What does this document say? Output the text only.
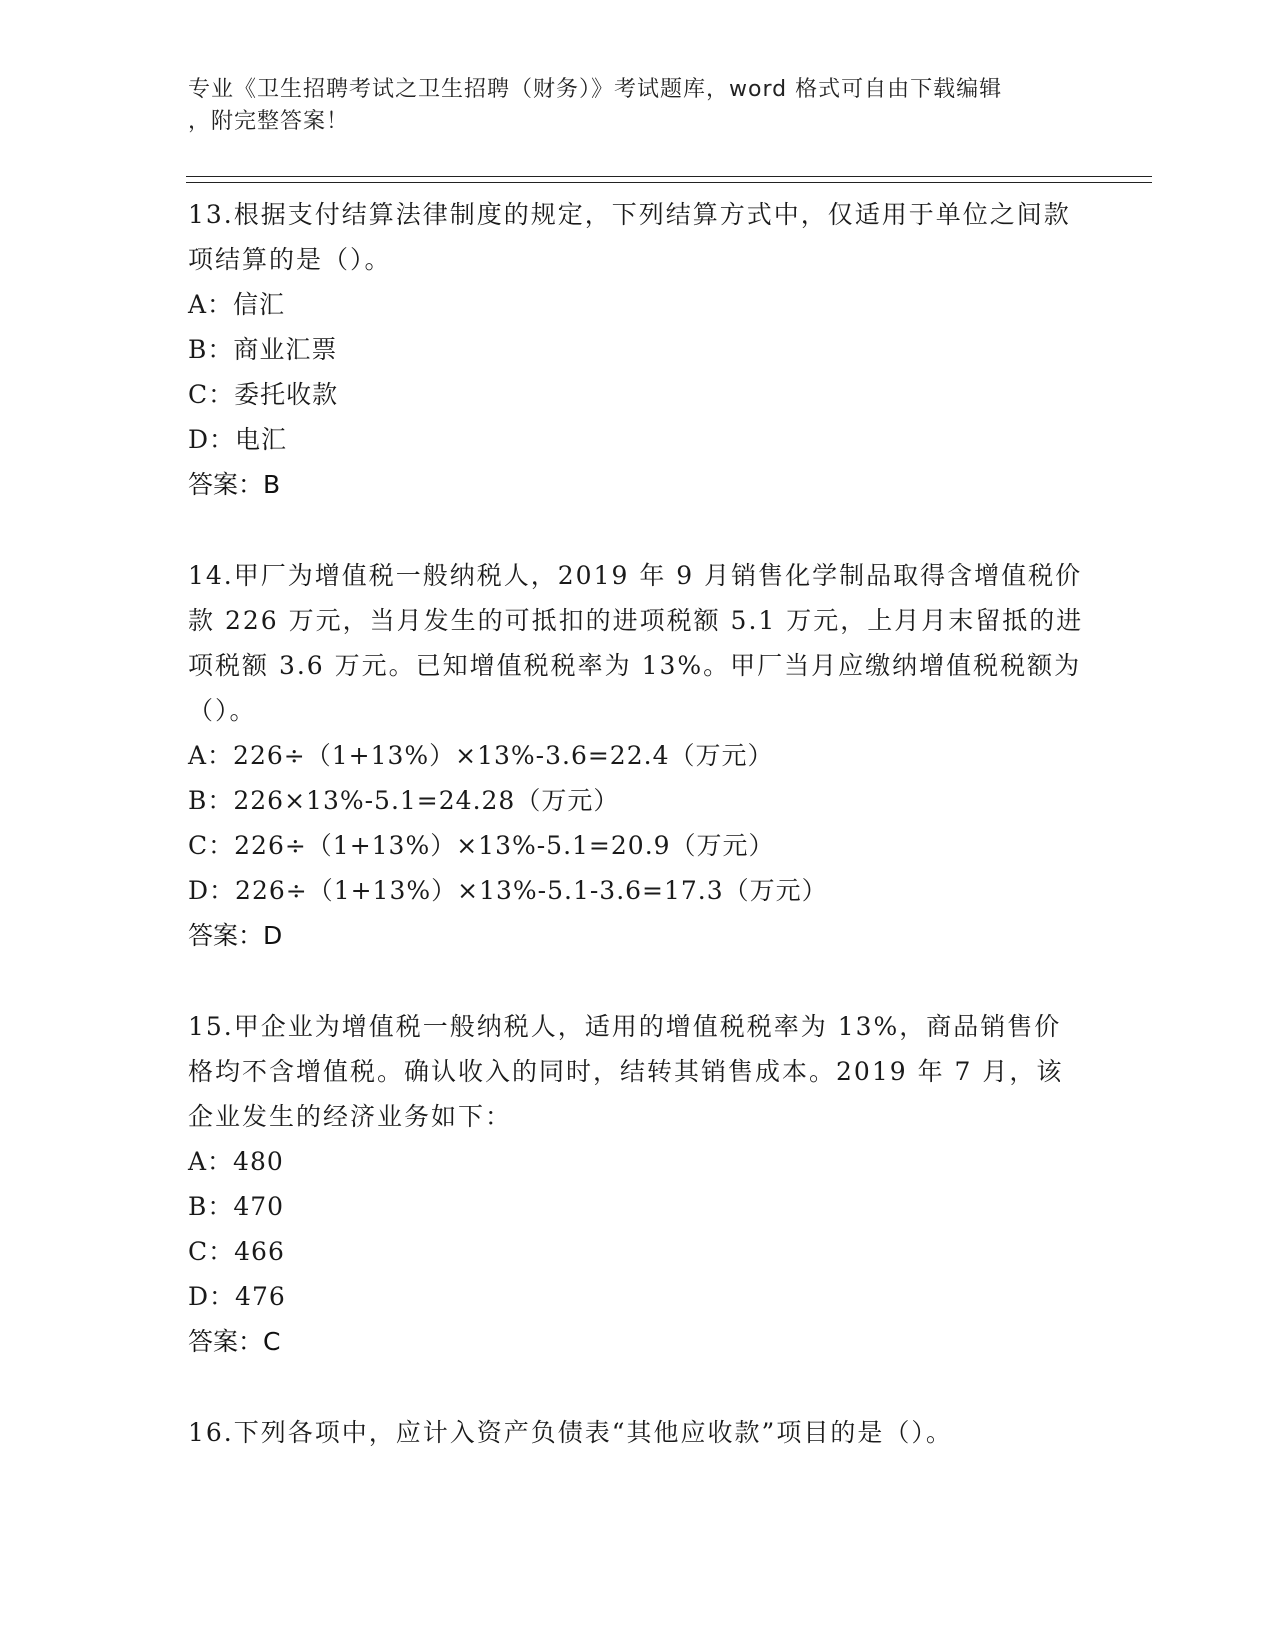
专业《卫生招聘考试之卫生招聘（财务）》考试题库，word 格式可自由下载编辑

，附完整答案！

13.根据支付结算法律制度的规定，下列结算方式中，仅适用于单位之间款项结算的是（）。

A：信汇

B：商业汇票

C：委托收款

D：电汇

答案：B

14.甲厂为增值税一般纳税人，2019 年 9 月销售化学制品取得含增值税价款 226 万元，当月发生的可抵扣的进项税额 5.1 万元，上月月末留抵的进项税额 3.6 万元。已知增值税税率为 13%。甲厂当月应缴纳增值税税额为（）。

A：226÷（1+13%）×13%-3.6=22.4（万元）

B：226×13%-5.1=24.28（万元）

C：226÷（1+13%）×13%-5.1=20.9（万元）

D：226÷（1+13%）×13%-5.1-3.6=17.3（万元）

答案：D

15.甲企业为增值税一般纳税人，适用的增值税税率为 13%，商品销售价格均不含增值税。确认收入的同时，结转其销售成本。2019 年 7 月，该企业发生的经济业务如下：

A：480

B：470

C：466

D：476

答案：C

16.下列各项中，应计入资产负债表“其他应收款”项目的是（）。
